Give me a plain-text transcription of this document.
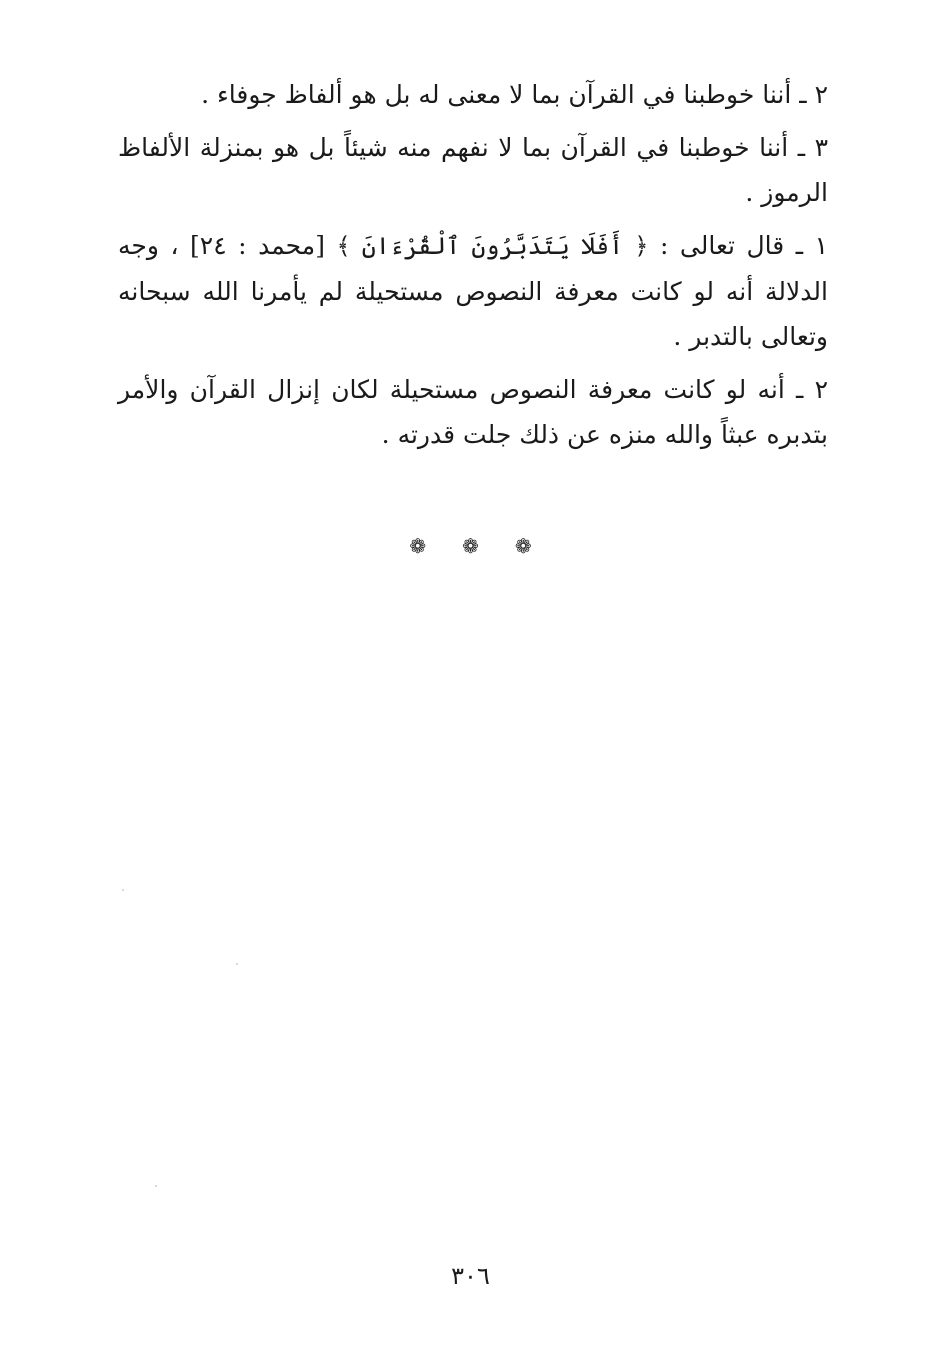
٢ ـ أننا خوطبنا في القرآن بما لا معنى له بل هو ألفاظ جوفاء .

٣ ـ أننا خوطبنا في القرآن بما لا نفهم منه شيئاً بل هو بمنزلة الألفاظ الرموز .

١ ـ قال تعالى : ﴿ أَفَلَا يَتَدَبَّرُونَ ٱلْقُرْءَانَ ﴾ [محمد : ٢٤] ، وجه الدلالة أنه لو كانت معرفة النصوص مستحيلة لم يأمرنا الله سبحانه وتعالى بالتدبر .

٢ ـ أنه لو كانت معرفة النصوص مستحيلة لكان إنزال القرآن والأمر بتدبره عبثاً والله منزه عن ذلك جلت قدرته .

❁❁❁
٣٠٦
